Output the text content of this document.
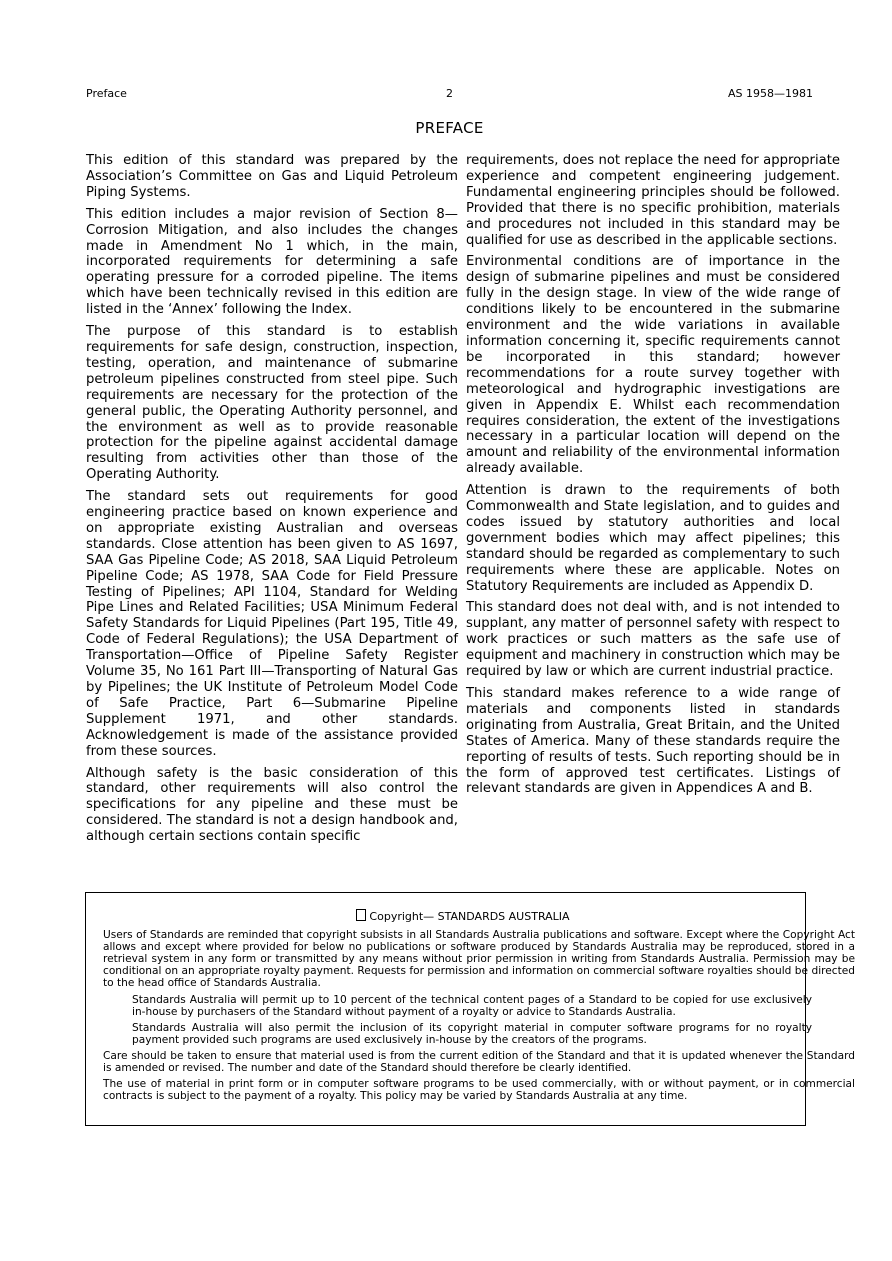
Preface	2	AS 1958—1981
PREFACE

This edition of this standard was prepared by the Association’s Committee on Gas and Liquid Petroleum Piping Systems.

This edition includes a major revision of Section 8—Corrosion Mitigation, and also includes the changes made in Amendment No 1 which, in the main, incorporated requirements for determining a safe operating pressure for a corroded pipeline. The items which have been technically revised in this edition are listed in the ‘Annex’ following the Index.

The purpose of this standard is to establish requirements for safe design, construction, inspection, testing, operation, and maintenance of submarine petroleum pipelines constructed from steel pipe. Such requirements are necessary for the protection of the general public, the Operating Authority personnel, and the environment as well as to provide reasonable protection for the pipeline against accidental damage resulting from activities other than those of the Operating Authority.

The standard sets out requirements for good engineering practice based on known experience and on appropriate existing Australian and overseas standards. Close attention has been given to AS 1697, SAA Gas Pipeline Code; AS 2018, SAA Liquid Petroleum Pipeline Code; AS 1978, SAA Code for Field Pressure Testing of Pipelines; API 1104, Standard for Welding Pipe Lines and Related Facilities; USA Minimum Federal Safety Standards for Liquid Pipelines (Part 195, Title 49, Code of Federal Regulations); the USA Department of Transportation—Office of Pipeline Safety Register Volume 35, No 161 Part III—Transporting of Natural Gas by Pipelines; the UK Institute of Petroleum Model Code of Safe Practice, Part 6—Submarine Pipeline Supplement 1971, and other standards. Acknowledgement is made of the assistance provided from these sources.

Although safety is the basic consideration of this standard, other requirements will also control the specifications for any pipeline and these must be considered. The standard is not a design handbook and, although certain sections contain specific

requirements, does not replace the need for appropriate experience and competent engineering judgement. Fundamental engineering principles should be followed. Provided that there is no specific prohibition, materials and procedures not included in this standard may be qualified for use as described in the applicable sections.

Environmental conditions are of importance in the design of submarine pipelines and must be considered fully in the design stage. In view of the wide range of conditions likely to be encountered in the submarine environment and the wide variations in available information concerning it, specific requirements cannot be incorporated in this standard; however recommendations for a route survey together with meteorological and hydrographic investigations are given in Appendix E. Whilst each recommendation requires consideration, the extent of the investigations necessary in a particular location will depend on the amount and reliability of the environmental information already available.

Attention is drawn to the requirements of both Commonwealth and State legislation, and to guides and codes issued by statutory authorities and local government bodies which may affect pipelines; this standard should be regarded as complementary to such requirements where these are applicable. Notes on Statutory Requirements are included as Appendix D.

This standard does not deal with, and is not intended to supplant, any matter of personnel safety with respect to work practices or such matters as the safe use of equipment and machinery in construction which may be required by law or which are current industrial practice.

This standard makes reference to a wide range of materials and components listed in standards originating from Australia, Great Britain, and the United States of America. Many of these standards require the reporting of results of tests. Such reporting should be in the form of approved test certificates. Listings of relevant standards are given in Appendices A and B.

Copyright— STANDARDS AUSTRALIA

Users of Standards are reminded that copyright subsists in all Standards Australia publications and software. Except where the Copyright Act allows and except where provided for below no publications or software produced by Standards Australia may be reproduced, stored in a retrieval system in any form or transmitted by any means without prior permission in writing from Standards Australia. Permission may be conditional on an appropriate royalty payment. Requests for permission and information on commercial software royalties should be directed to the head office of Standards Australia.

Standards Australia will permit up to 10 percent of the technical content pages of a Standard to be copied for use exclusively in-house by purchasers of the Standard without payment of a royalty or advice to Standards Australia.

Standards Australia will also permit the inclusion of its copyright material in computer software programs for no royalty payment provided such programs are used exclusively in-house by the creators of the programs.

Care should be taken to ensure that material used is from the current edition of the Standard and that it is updated whenever the Standard is amended or revised. The number and date of the Standard should therefore be clearly identified.

The use of material in print form or in computer software programs to be used commercially, with or without payment, or in commercial contracts is subject to the payment of a royalty. This policy may be varied by Standards Australia at any time.
